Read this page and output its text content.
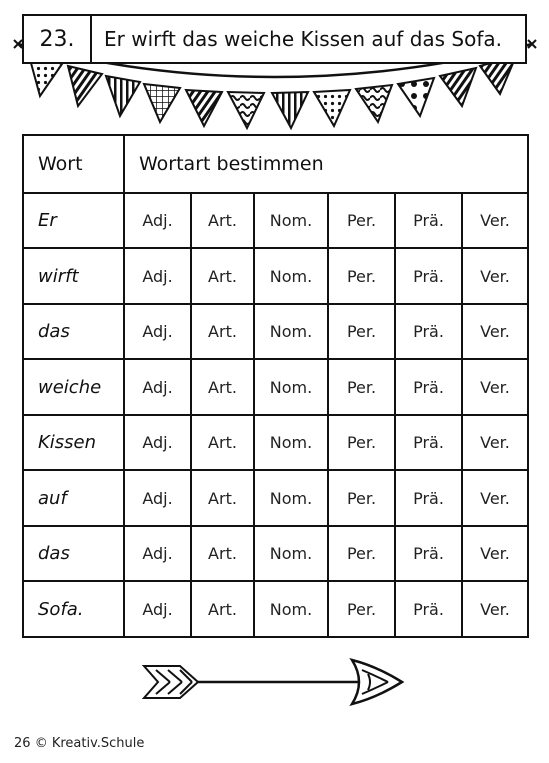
23.	Er wirft das weiche Kissen auf das Sofa.
Wort	Wortart bestimmen					
Er	Adj.	Art.	Nom.	Per.	Prä.	Ver.
wirft	Adj.	Art.	Nom.	Per.	Prä.	Ver.
das	Adj.	Art.	Nom.	Per.	Prä.	Ver.
weiche	Adj.	Art.	Nom.	Per.	Prä.	Ver.
Kissen	Adj.	Art.	Nom.	Per.	Prä.	Ver.
auf	Adj.	Art.	Nom.	Per.	Prä.	Ver.
das	Adj.	Art.	Nom.	Per.	Prä.	Ver.
Sofa.	Adj.	Art.	Nom.	Per.	Prä.	Ver.
26 © Kreativ.Schule
